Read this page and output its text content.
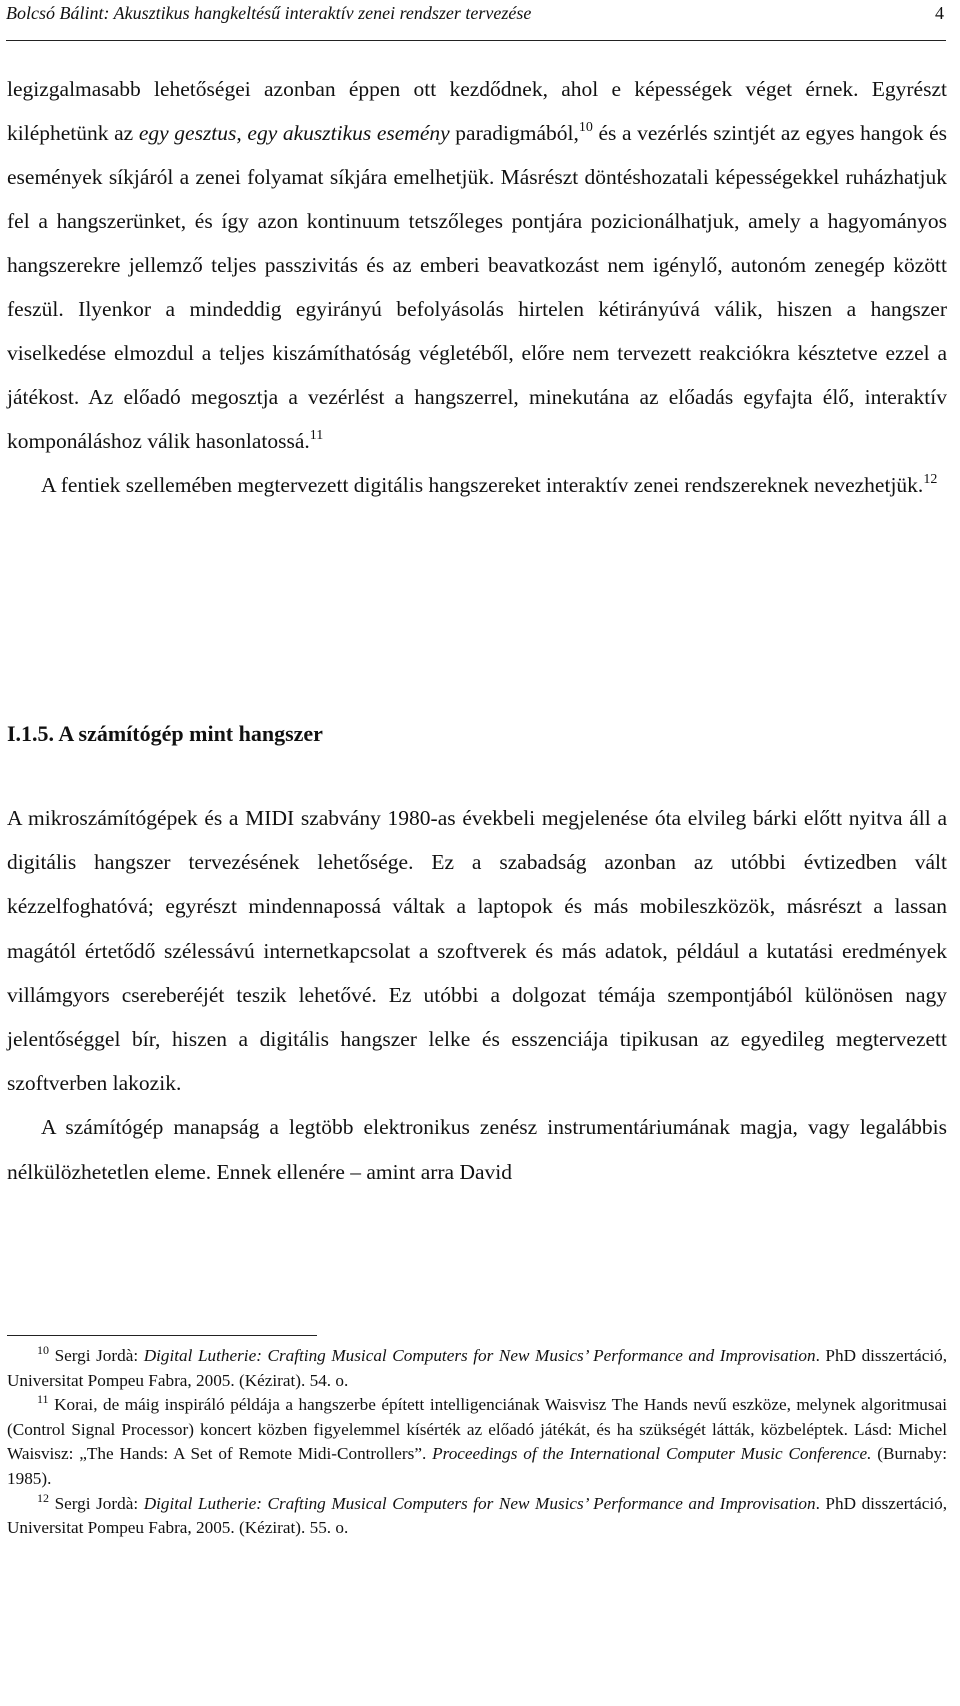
Bolcsó Bálint: Akusztikus hangkeltésű interaktív zenei rendszer tervezése	4

legizgalmasabb lehetőségei azonban éppen ott kezdődnek, ahol e képességek véget érnek. Egyrészt kiléphetünk az egy gesztus, egy akusztikus esemény paradigmából,$^{10}$ és a vezérlés szintjét az egyes hangok és események síkjáról a zenei folyamat síkjára emelhetjük. Másrészt döntéshozatali képességekkel ruházhatjuk fel a hangszerünket, és így azon kontinuum tetszőleges pontjára pozicionálhatjuk, amely a hagyományos hangszerekre jellemző teljes passzivitás és az emberi beavatkozást nem igénylő, autonóm zenegép között feszül. Ilyenkor a mindeddig egyirányú befolyásolás hirtelen kétirányúvá válik, hiszen a hangszer viselkedése elmozdul a teljes kiszámíthatóság végletéből, előre nem tervezett reakciókra késztetve ezzel a játékost. Az előadó megosztja a vezérlést a hangszerrel, minekutána az előadás egyfajta élő, interaktív komponáláshoz válik hasonlatossá.$^{11}$

A fentiek szellemében megtervezett digitális hangszereket interaktív zenei rendszereknek nevezhetjük.$^{12}$

I.1.5. A számítógép mint hangszer

A mikroszámítógépek és a MIDI szabvány 1980-as évekbeli megjelenése óta elvileg bárki előtt nyitva áll a digitális hangszer tervezésének lehetősége. Ez a szabadság azonban az utóbbi évtizedben vált kézzelfoghatóvá; egyrészt mindennapossá váltak a laptopok és más mobileszközök, másrészt a lassan magától értetődő szélessávú internetkapcsolat a szoftverek és más adatok, például a kutatási eredmények villámgyors csereberéjét teszik lehetővé. Ez utóbbi a dolgozat témája szempontjából különösen nagy jelentőséggel bír, hiszen a digitális hangszer lelke és esszenciája tipikusan az egyedileg megtervezett szoftverben lakozik.

A számítógép manapság a legtöbb elektronikus zenész instrumentáriumának magja, vagy legalábbis nélkülözhetetlen eleme. Ennek ellenére – amint arra David

$^{10}$ Sergi Jordà: Digital Lutherie: Crafting Musical Computers for New Musics’ Performance and Improvisation. PhD disszertáció, Universitat Pompeu Fabra, 2005. (Kézirat). 54. o.

$^{11}$ Korai, de máig inspiráló példája a hangszerbe épített intelligenciának Waisvisz The Hands nevű eszköze, melynek algoritmusai (Control Signal Processor) koncert közben figyelemmel kísérték az előadó játékát, és ha szükségét látták, közbeléptek. Lásd: Michel Waisvisz: „The Hands: A Set of Remote Midi-Controllers”. Proceedings of the International Computer Music Conference. (Burnaby: 1985).

$^{12}$ Sergi Jordà: Digital Lutherie: Crafting Musical Computers for New Musics’ Performance and Improvisation. PhD disszertáció, Universitat Pompeu Fabra, 2005. (Kézirat). 55. o.
